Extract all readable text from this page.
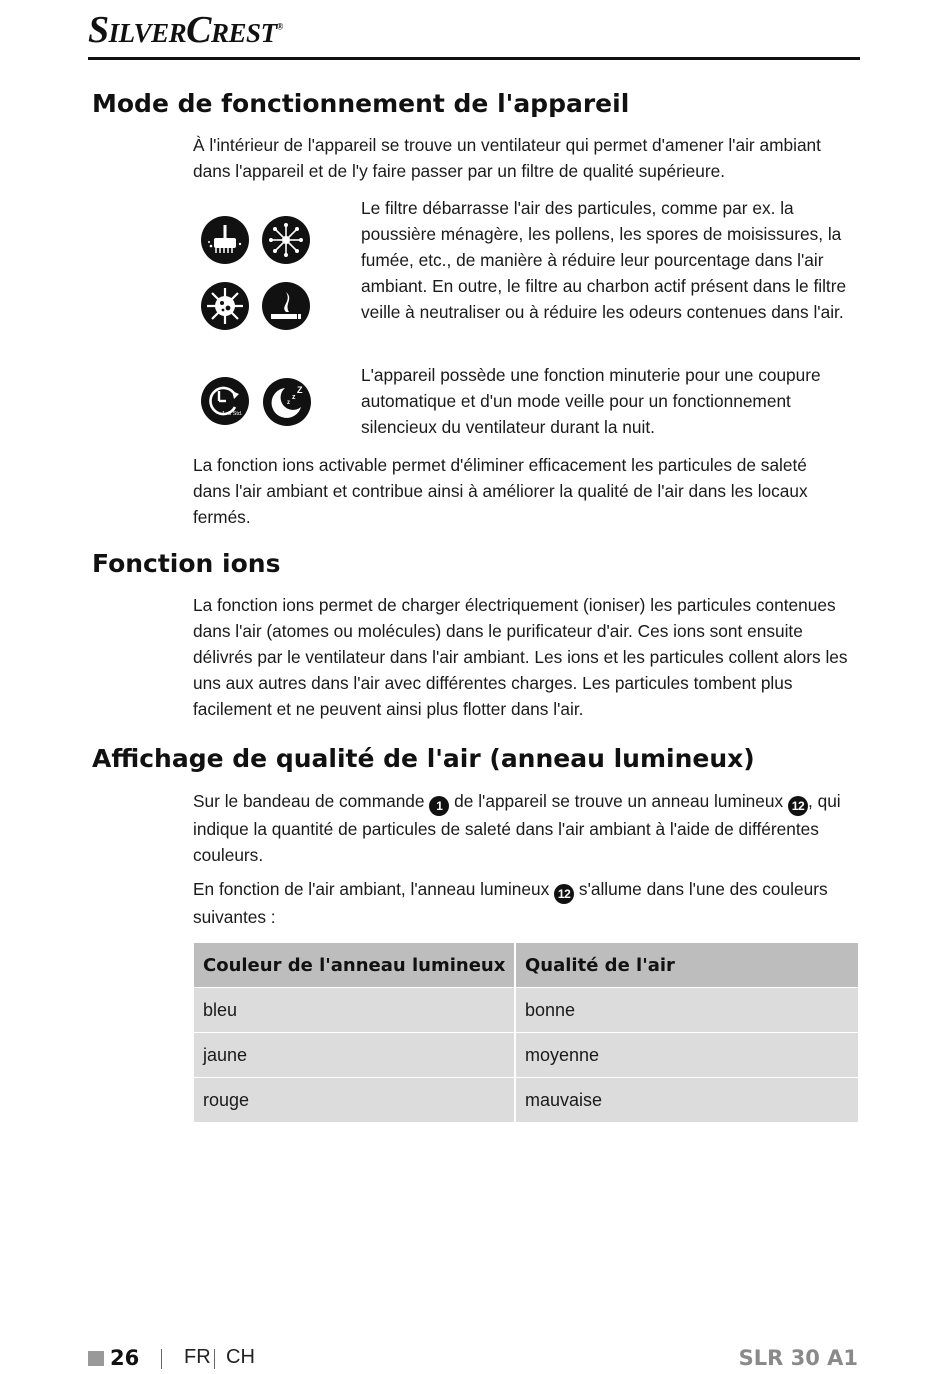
SILVERCREST®
Mode de fonctionnement de l'appareil
À l'intérieur de l'appareil se trouve un ventilateur qui permet d'amener l'air ambiant dans l'appareil et de l'y faire passer par un filtre de qualité supérieure.
1–8 Std.
z
z
Z
Le filtre débarrasse l'air des particules, comme par ex. la poussière ménagère, les pollens, les spores de moisissures, la fumée, etc., de manière à réduire leur pourcentage dans l'air ambiant. En outre, le filtre au charbon actif présent dans le filtre veille à neutraliser ou à réduire les odeurs contenues dans l'air.
L'appareil possède une fonction minuterie pour une coupure automatique et d'un mode veille pour un fonctionnement silencieux du ventilateur durant la nuit.
La fonction ions activable permet d'éliminer efficacement les particules de saleté dans l'air ambiant et contribue ainsi à améliorer la qualité de l'air dans les locaux fermés.
Fonction ions
La fonction ions permet de charger électriquement (ioniser) les particules contenues dans l'air (atomes ou molécules) dans le purificateur d'air. Ces ions sont ensuite délivrés par le ventilateur dans l'air ambiant. Les ions et les particules collent alors les uns aux autres dans l'air avec différentes charges. Les particules tombent plus facilement et ne peuvent ainsi plus flotter dans l'air.
Affichage de qualité de l'air (anneau lumineux)
Sur le bandeau de commande 1 de l'appareil se trouve un anneau lumineux 12 , qui indique la quantité de particules de saleté dans l'air ambiant à l'aide de différentes couleurs.
En fonction de l'air ambiant, l'anneau lumineux 12 s'allume dans l'une des couleurs suivantes :
Couleur de l'anneau lumineux	Qualité de l'air
bleu	bonne
jaune	moyenne
rouge	mauvaise
26 FR CH	SLR 30 A1
